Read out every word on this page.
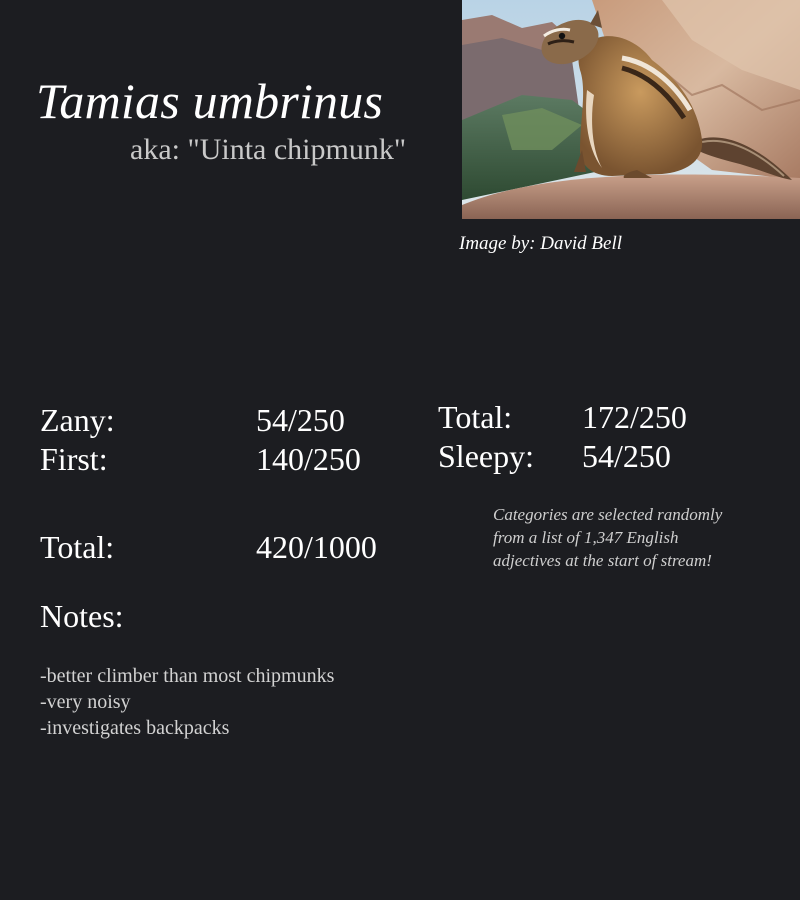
Tamias umbrinus
aka: "Uinta chipmunk"
Image by: David Bell
Zany:	54/250
First:	140/250
Total: 172/250
Sleepy: 54/250
Total:	420/1000
Categories are selected randomly from a list of 1,347 English adjectives at the start of stream!
Notes:
-better climber than most chipmunks
-very noisy
-investigates backpacks
